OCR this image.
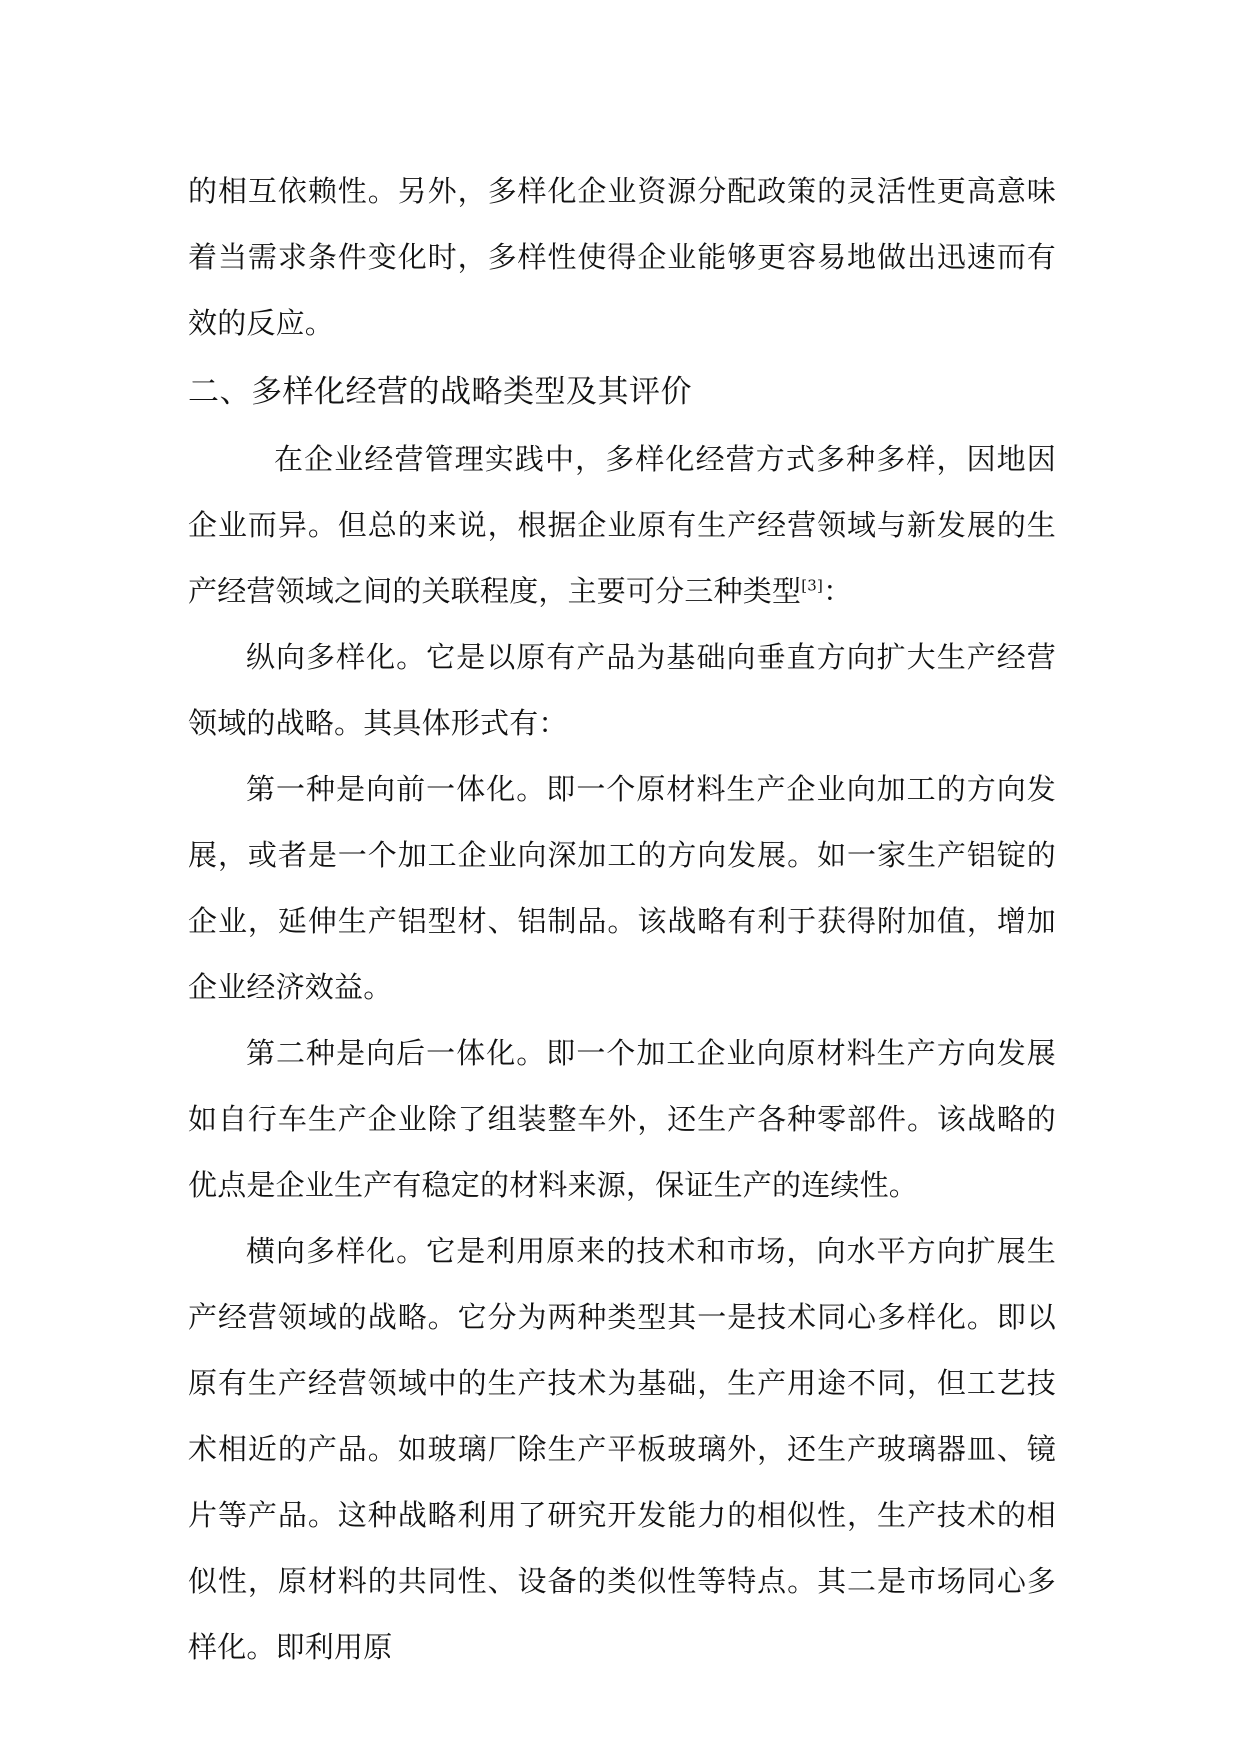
的相互依赖性。另外，多样化企业资源分配政策的灵活性更高意味着当需求条件变化时，多样性使得企业能够更容易地做出迅速而有效的反应。

二、多样化经营的战略类型及其评价

在企业经营管理实践中，多样化经营方式多种多样，因地因企业而异。但总的来说，根据企业原有生产经营领域与新发展的生产经营领域之间的关联程度，主要可分三种类型[3]：

纵向多样化。它是以原有产品为基础向垂直方向扩大生产经营领域的战略。其具体形式有：

第一种是向前一体化。即一个原材料生产企业向加工的方向发展，或者是一个加工企业向深加工的方向发展。如一家生产铝锭的企业，延伸生产铝型材、铝制品。该战略有利于获得附加值，增加企业经济效益。

第二种是向后一体化。即一个加工企业向原材料生产方向发展如自行车生产企业除了组装整车外，还生产各种零部件。该战略的优点是企业生产有稳定的材料来源，保证生产的连续性。

横向多样化。它是利用原来的技术和市场，向水平方向扩展生产经营领域的战略。它分为两种类型其一是技术同心多样化。即以原有生产经营领域中的生产技术为基础，生产用途不同，但工艺技术相近的产品。如玻璃厂除生产平板玻璃外，还生产玻璃器皿、镜片等产品。这种战略利用了研究开发能力的相似性，生产技术的相似性，原材料的共同性、设备的类似性等特点。其二是市场同心多样化。即利用原
